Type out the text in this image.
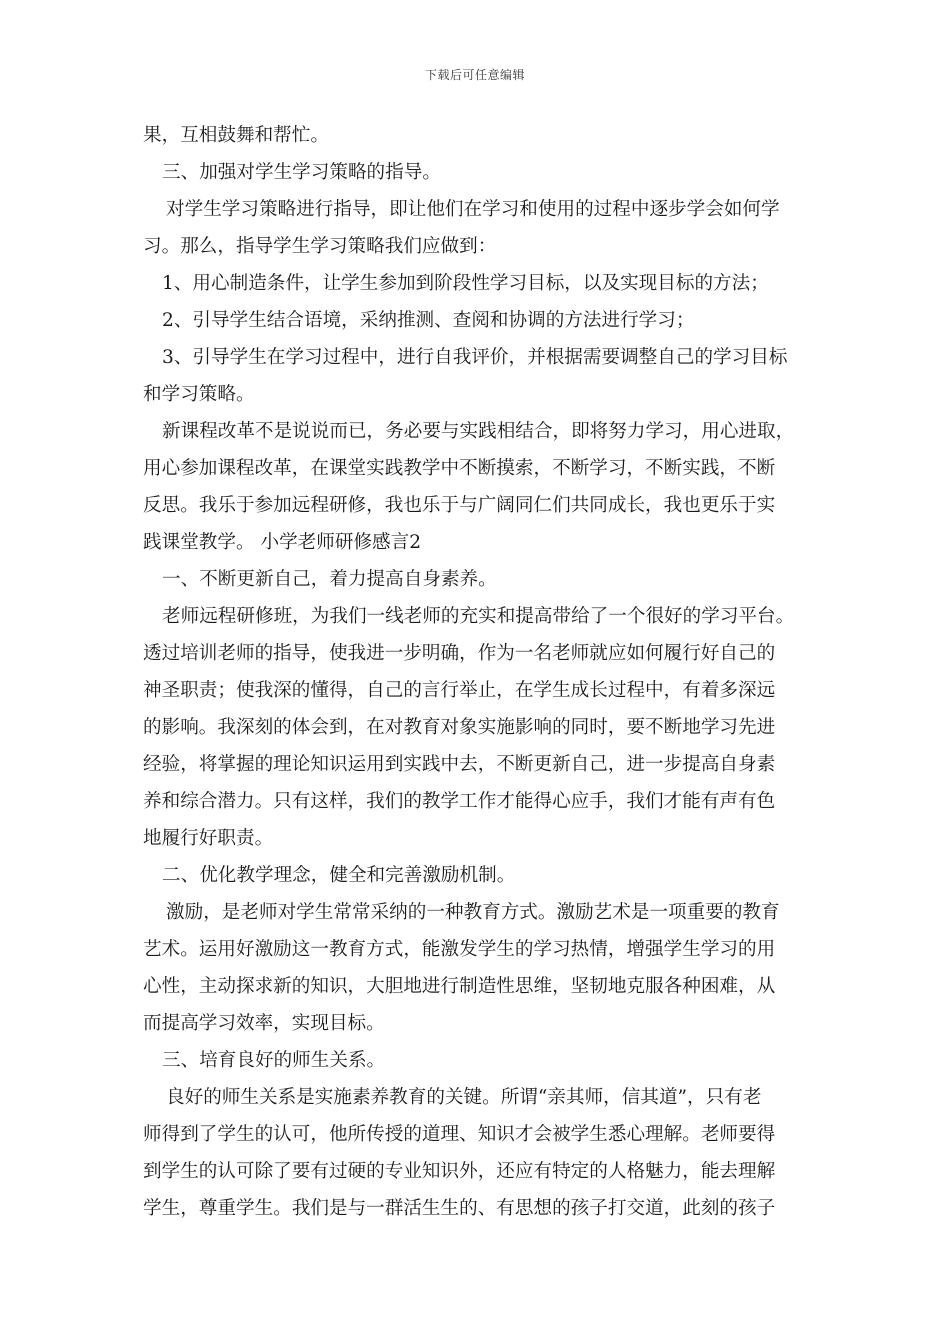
下载后可任意编辑
果，互相鼓舞和帮忙。
三、加强对学生学习策略的指导。
对学生学习策略进行指导，即让他们在学习和使用的过程中逐步学会如何学
习。那么，指导学生学习策略我们应做到：
1、用心制造条件，让学生参加到阶段性学习目标，以及实现目标的方法；
2、引导学生结合语境，采纳推测、查阅和协调的方法进行学习；
3、引导学生在学习过程中，进行自我评价，并根据需要调整自己的学习目标
和学习策略。
新课程改革不是说说而已，务必要与实践相结合，即将努力学习，用心进取，
用心参加课程改革，在课堂实践教学中不断摸索，不断学习，不断实践，不断
反思。我乐于参加远程研修，我也乐于与广阔同仁们共同成长，我也更乐于实
践课堂教学。 小学老师研修感言2
一、不断更新自己，着力提高自身素养。
老师远程研修班，为我们一线老师的充实和提高带给了一个很好的学习平台。
透过培训老师的指导，使我进一步明确，作为一名老师就应如何履行好自己的
神圣职责；使我深的懂得，自己的言行举止，在学生成长过程中，有着多深远
的影响。我深刻的体会到，在对教育对象实施影响的同时，要不断地学习先进
经验，将掌握的理论知识运用到实践中去，不断更新自己，进一步提高自身素
养和综合潜力。只有这样，我们的教学工作才能得心应手，我们才能有声有色
地履行好职责。
二、优化教学理念，健全和完善激励机制。
激励，是老师对学生常常采纳的一种教育方式。激励艺术是一项重要的教育
艺术。运用好激励这一教育方式，能激发学生的学习热情，增强学生学习的用
心性，主动探求新的知识，大胆地进行制造性思维，坚韧地克服各种困难，从
而提高学习效率，实现目标。
三、培育良好的师生关系。
良好的师生关系是实施素养教育的关键。所谓“亲其师，信其道”，只有老
师得到了学生的认可，他所传授的道理、知识才会被学生悉心理解。老师要得
到学生的认可除了要有过硬的专业知识外，还应有特定的人格魅力，能去理解
学生，尊重学生。我们是与一群活生生的、有思想的孩子打交道，此刻的孩子
